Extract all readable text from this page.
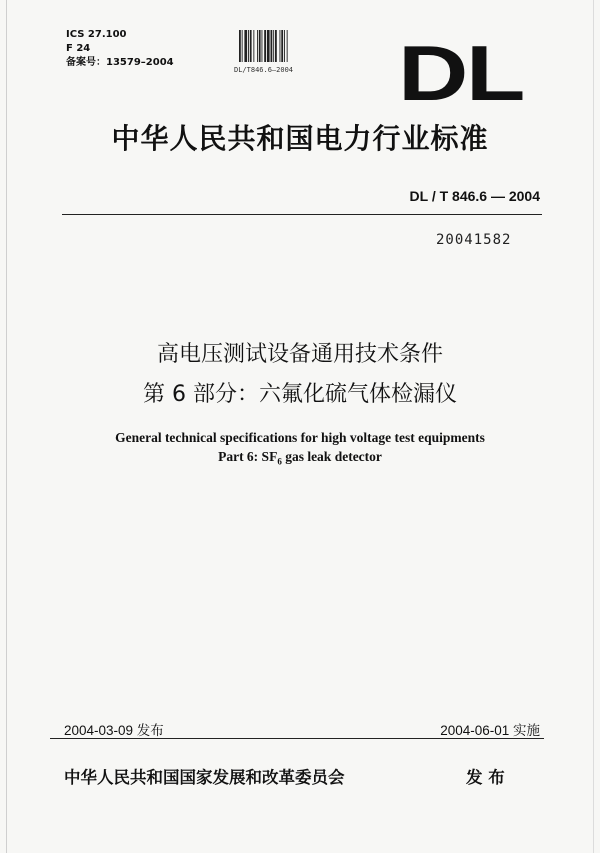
ICS 27.100
F 24
备案号：13579–2004
DL/T846.6–2004 DL
中华人民共和国电力行业标准
DL / T 846.6 — 2004
20041582
高电压测试设备通用技术条件
第 6 部分：六氟化硫气体检漏仪
General technical specifications for high voltage test equipments
Part 6: $SF_6$ gas leak detector
2004-03-09 发布	2004-06-01 实施
中华人民共和国国家发展和改革委员会	发 布
